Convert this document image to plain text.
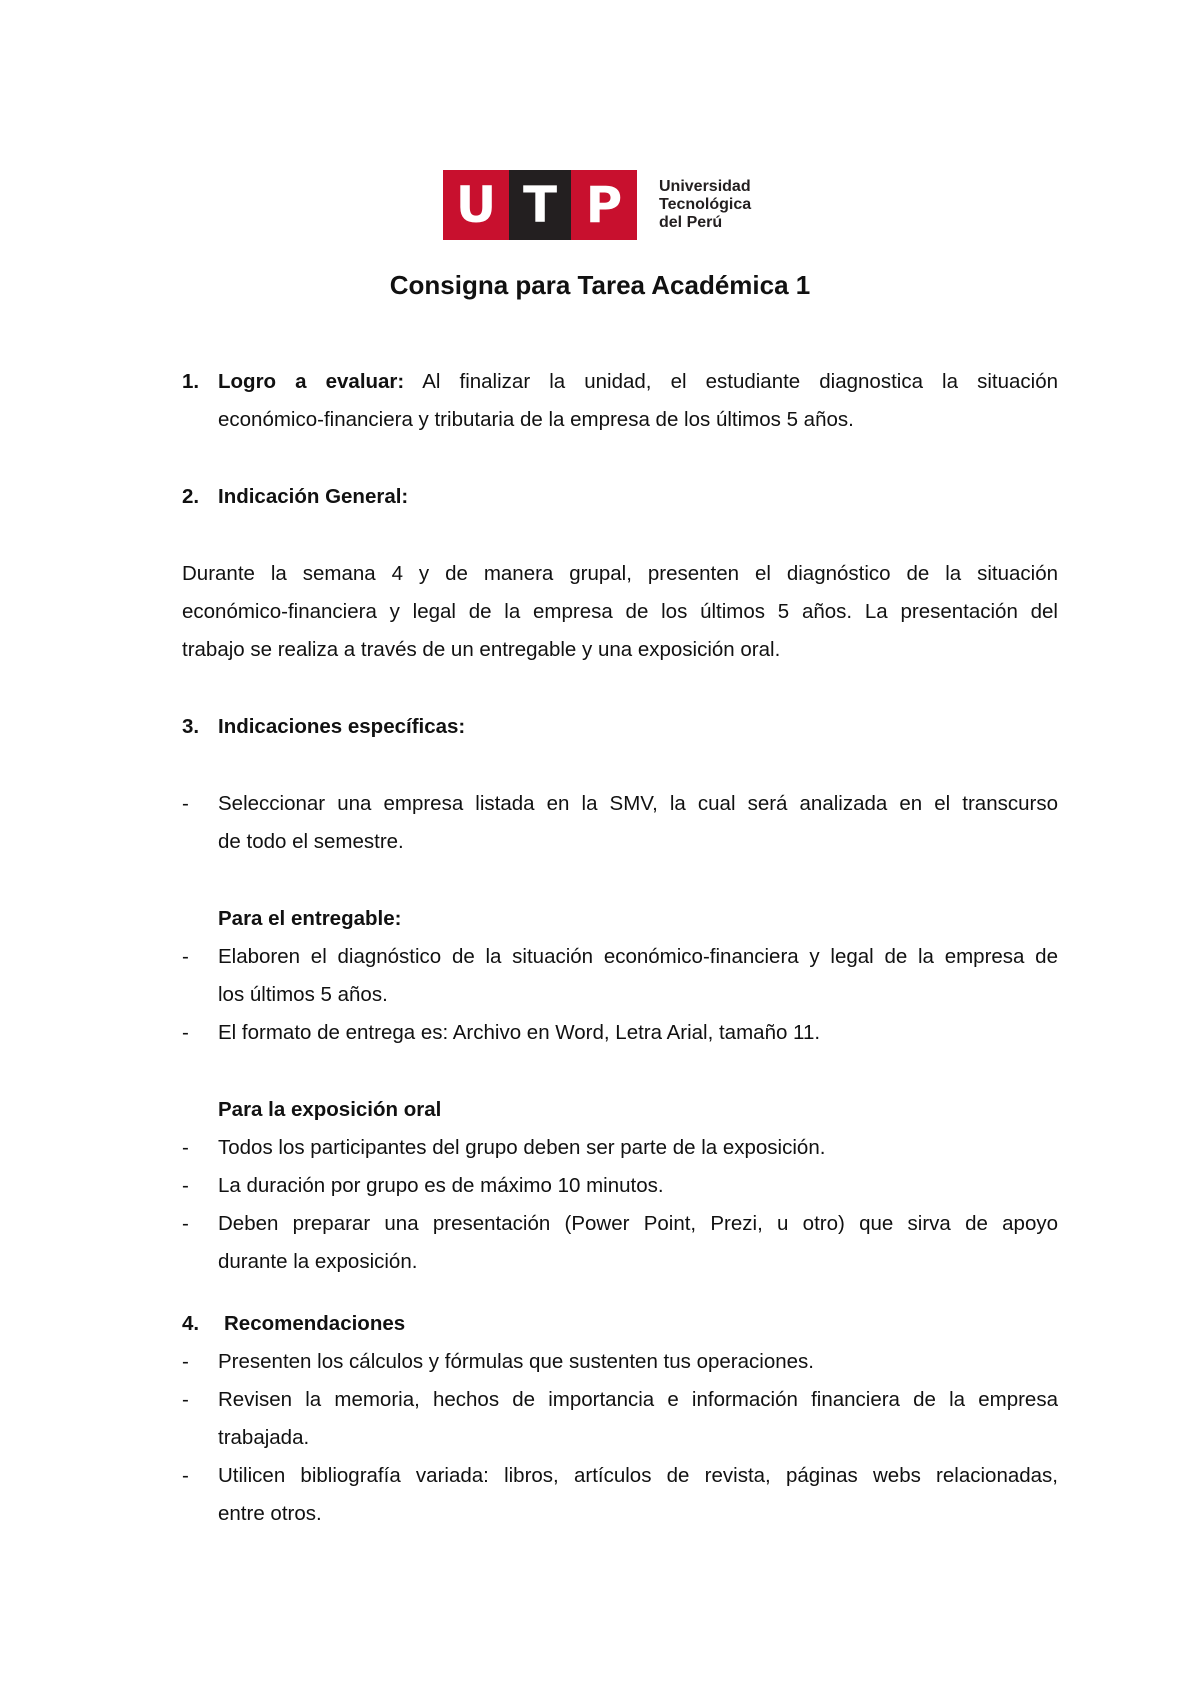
U T P	Universidad
Tecnológica
del Perú
Consigna para Tarea Académica 1
1. Logro a evaluar: Al finalizar la unidad, el estudiante diagnostica la situación
económico-financiera y tributaria de la empresa de los últimos 5 años.
2. Indicación General:
Durante la semana 4 y de manera grupal, presenten el diagnóstico de la situación
económico-financiera y legal de la empresa de los últimos 5 años. La presentación del
trabajo se realiza a través de un entregable y una exposición oral.
3. Indicaciones específicas:
- Seleccionar una empresa listada en la SMV, la cual será analizada en el transcurso
de todo el semestre.
Para el entregable:
- Elaboren el diagnóstico de la situación económico-financiera y legal de la empresa de
los últimos 5 años.
- El formato de entrega es: Archivo en Word, Letra Arial, tamaño 11.
Para la exposición oral
- Todos los participantes del grupo deben ser parte de la exposición.
- La duración por grupo es de máximo 10 minutos.
- Deben preparar una presentación (Power Point, Prezi, u otro) que sirva de apoyo
durante la exposición.
4. Recomendaciones
- Presenten los cálculos y fórmulas que sustenten tus operaciones.
- Revisen la memoria, hechos de importancia e información financiera de la empresa
trabajada.
- Utilicen bibliografía variada: libros, artículos de revista, páginas webs relacionadas,
entre otros.
